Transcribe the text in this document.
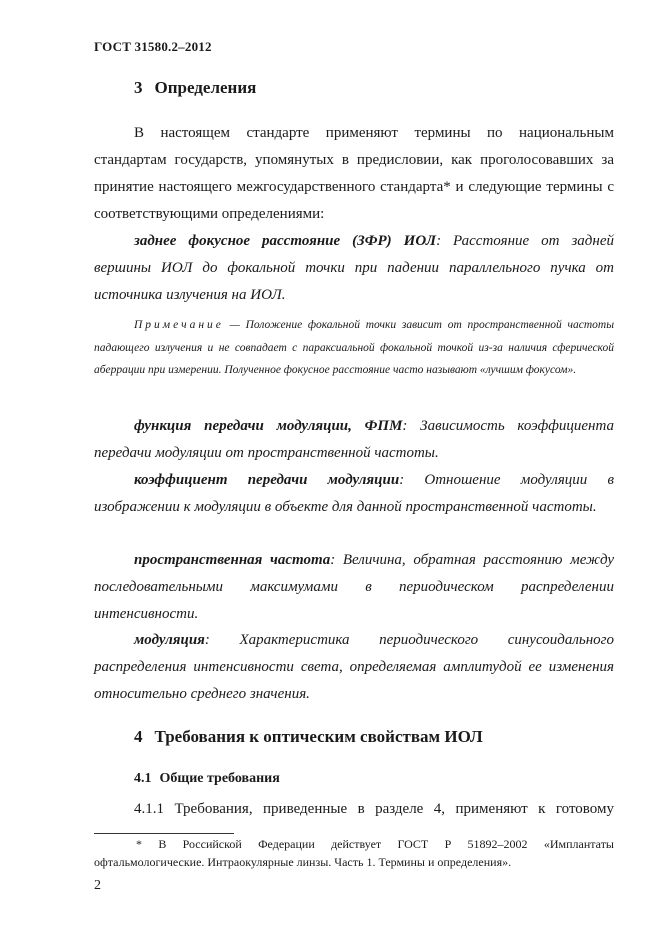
ГОСТ 31580.2–2012
3 Определения
В настоящем стандарте применяют термины по национальным стандартам государств, упомянутых в предисловии, как проголосовавших за принятие настоящего межгосударственного стандарта* и следующие термины с соответствующими определениями:
заднее фокусное расстояние (ЗФР) ИОЛ: Расстояние от задней вершины ИОЛ до фокальной точки при падении параллельного пучка от источника излучения на ИОЛ.
Примечание — Положение фокальной точки зависит от пространственной частоты падающего излучения и не совпадает с параксиальной фокальной точкой из-за наличия сферической аберрации при измерении. Полученное фокусное расстояние часто называют «лучшим фокусом».
функция передачи модуляции, ФПМ: Зависимость коэффициента передачи модуляции от пространственной частоты.
коэффициент передачи модуляции: Отношение модуляции в изображении к модуляции в объекте для данной пространственной частоты.
пространственная частота: Величина, обратная расстоянию между последовательными максимумами в периодическом распределении интенсивности.
модуляция: Характеристика периодического синусоидального распределения интенсивности света, определяемая амплитудой ее изменения относительно среднего значения.
4 Требования к оптическим свойствам ИОЛ
4.1 Общие требования
4.1.1 Требования, приведенные в разделе 4, применяют к готовому
* В Российской Федерации действует ГОСТ Р 51892–2002 «Имплантаты офтальмологические. Интраокулярные линзы. Часть 1. Термины и определения».
2
